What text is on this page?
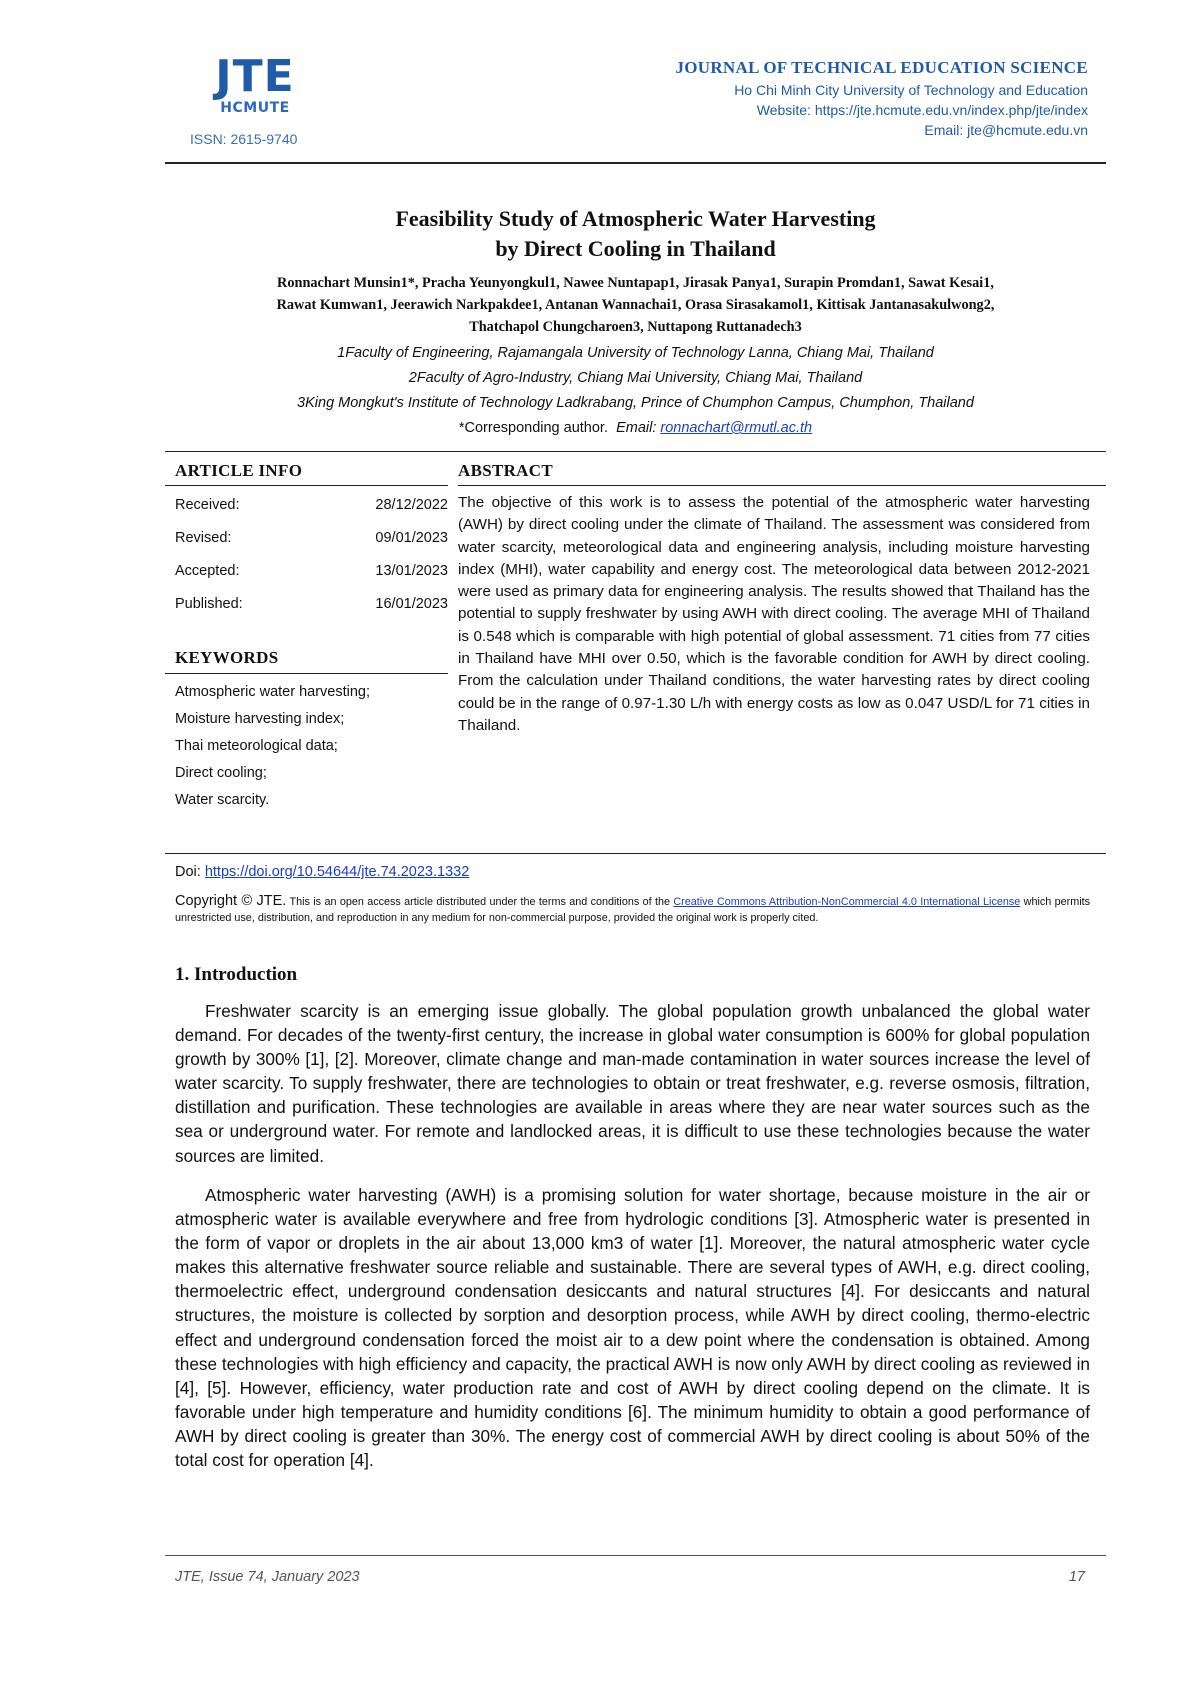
JTE
HCMUTE
ISSN: 2615-9740
JOURNAL OF TECHNICAL EDUCATION SCIENCE
Ho Chi Minh City University of Technology and Education
Website: https://jte.hcmute.edu.vn/index.php/jte/index
Email: jte@hcmute.edu.vn
Feasibility Study of Atmospheric Water Harvesting
by Direct Cooling in Thailand
Ronnachart Munsin1*, Pracha Yeunyongkul1, Nawee Nuntapap1, Jirasak Panya1, Surapin Promdan1, Sawat Kesai1,
Rawat Kumwan1, Jeerawich Narkpakdee1, Antanan Wannachai1, Orasa Sirasakamol1, Kittisak Jantanasakulwong2,
Thatchapol Chungcharoen3, Nuttapong Ruttanadech3
1Faculty of Engineering, Rajamangala University of Technology Lanna, Chiang Mai, Thailand
2Faculty of Agro-Industry, Chiang Mai University, Chiang Mai, Thailand
3King Mongkut's Institute of Technology Ladkrabang, Prince of Chumphon Campus, Chumphon, Thailand
*Corresponding author. Email: ronnachart@rmutl.ac.th
ARTICLE INFO	ABSTRACT
Received:	28/12/2022
Revised:	09/01/2023
Accepted:	13/01/2023
Published:	16/01/2023
KEYWORDS
Atmospheric water harvesting;
Moisture harvesting index;
Thai meteorological data;
Direct cooling;
Water scarcity.
The objective of this work is to assess the potential of the atmospheric water harvesting (AWH) by direct cooling under the climate of Thailand. The assessment was considered from water scarcity, meteorological data and engineering analysis, including moisture harvesting index (MHI), water capability and energy cost. The meteorological data between 2012-2021 were used as primary data for engineering analysis. The results showed that Thailand has the potential to supply freshwater by using AWH with direct cooling. The average MHI of Thailand is 0.548 which is comparable with high potential of global assessment. 71 cities from 77 cities in Thailand have MHI over 0.50, which is the favorable condition for AWH by direct cooling. From the calculation under Thailand conditions, the water harvesting rates by direct cooling could be in the range of 0.97-1.30 L/h with energy costs as low as 0.047 USD/L for 71 cities in Thailand.
Doi: https://doi.org/10.54644/jte.74.2023.1332
Copyright © JTE. This is an open access article distributed under the terms and conditions of the Creative Commons Attribution-NonCommercial 4.0 International License which permits unrestricted use, distribution, and reproduction in any medium for non-commercial purpose, provided the original work is properly cited.
1. Introduction
Freshwater scarcity is an emerging issue globally. The global population growth unbalanced the global water demand. For decades of the twenty-first century, the increase in global water consumption is 600% for global population growth by 300% [1], [2]. Moreover, climate change and man-made contamination in water sources increase the level of water scarcity. To supply freshwater, there are technologies to obtain or treat freshwater, e.g. reverse osmosis, filtration, distillation and purification. These technologies are available in areas where they are near water sources such as the sea or underground water. For remote and landlocked areas, it is difficult to use these technologies because the water sources are limited.
Atmospheric water harvesting (AWH) is a promising solution for water shortage, because moisture in the air or atmospheric water is available everywhere and free from hydrologic conditions [3]. Atmospheric water is presented in the form of vapor or droplets in the air about 13,000 km3 of water [1]. Moreover, the natural atmospheric water cycle makes this alternative freshwater source reliable and sustainable. There are several types of AWH, e.g. direct cooling, thermoelectric effect, underground condensation desiccants and natural structures [4]. For desiccants and natural structures, the moisture is collected by sorption and desorption process, while AWH by direct cooling, thermo-electric effect and underground condensation forced the moist air to a dew point where the condensation is obtained. Among these technologies with high efficiency and capacity, the practical AWH is now only AWH by direct cooling as reviewed in [4], [5]. However, efficiency, water production rate and cost of AWH by direct cooling depend on the climate. It is favorable under high temperature and humidity conditions [6]. The minimum humidity to obtain a good performance of AWH by direct cooling is greater than 30%. The energy cost of commercial AWH by direct cooling is about 50% of the total cost for operation [4].
JTE, Issue 74, January 2023	17
